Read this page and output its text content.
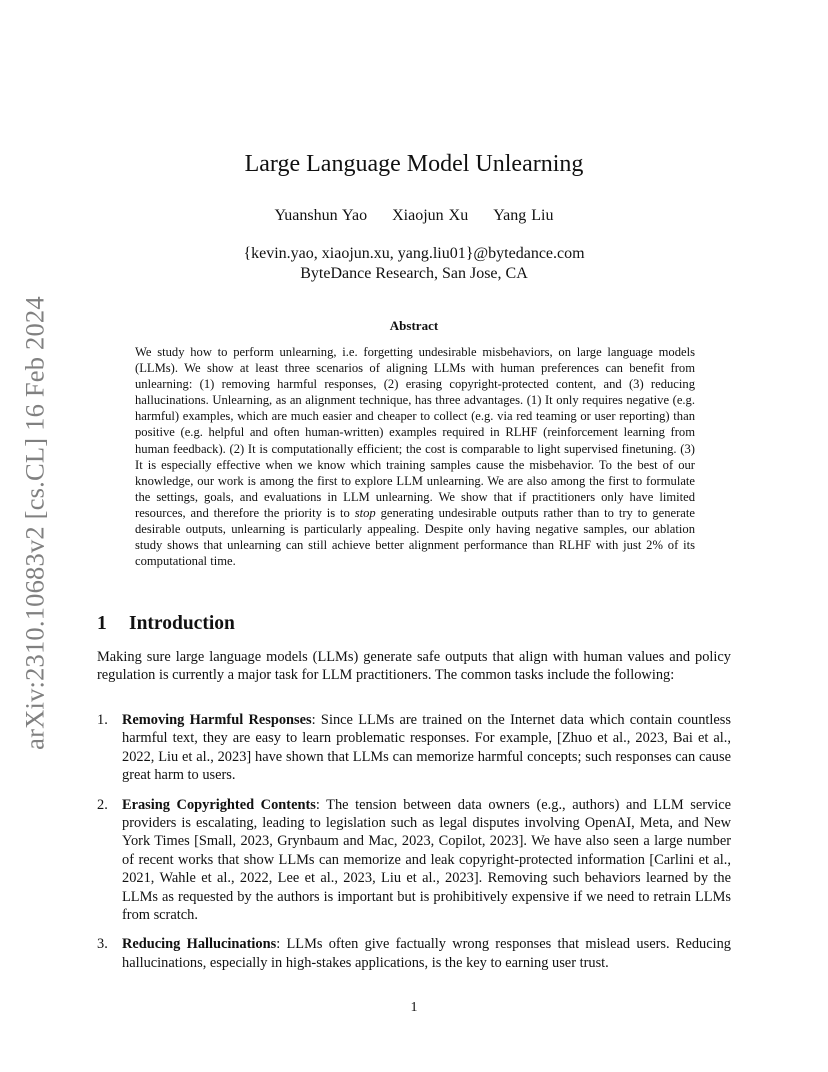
arXiv:2310.10683v2 [cs.CL] 16 Feb 2024
Large Language Model Unlearning
Yuanshun Yao Xiaojun Xu Yang Liu
{kevin.yao, xiaojun.xu, yang.liu01}@bytedance.com
ByteDance Research, San Jose, CA
Abstract
We study how to perform unlearning, i.e. forgetting undesirable misbehaviors, on large language models (LLMs). We show at least three scenarios of aligning LLMs with human preferences can benefit from unlearning: (1) removing harmful responses, (2) erasing copyright-protected content, and (3) reducing hallucinations. Unlearning, as an alignment technique, has three advantages. (1) It only requires negative (e.g. harmful) examples, which are much easier and cheaper to collect (e.g. via red teaming or user reporting) than positive (e.g. helpful and often human-written) examples required in RLHF (reinforcement learning from human feedback). (2) It is computationally efficient; the cost is comparable to light supervised finetuning. (3) It is especially effective when we know which training samples cause the misbehavior. To the best of our knowledge, our work is among the first to explore LLM unlearning. We are also among the first to formulate the settings, goals, and evaluations in LLM unlearning. We show that if practitioners only have limited resources, and therefore the priority is to stop generating undesirable outputs rather than to try to generate desirable outputs, unlearning is particularly appealing. Despite only having negative samples, our ablation study shows that unlearning can still achieve better alignment performance than RLHF with just 2% of its computational time.
1 Introduction

Making sure large language models (LLMs) generate safe outputs that align with human values and policy regulation is currently a major task for LLM practitioners. The common tasks include the following:

1. Removing Harmful Responses: Since LLMs are trained on the Internet data which contain countless harmful text, they are easy to learn problematic responses. For example, [Zhuo et al., 2023, Bai et al., 2022, Liu et al., 2023] have shown that LLMs can memorize harmful concepts; such responses can cause great harm to users.
2. Erasing Copyrighted Contents: The tension between data owners (e.g., authors) and LLM service providers is escalating, leading to legislation such as legal disputes involving OpenAI, Meta, and New York Times [Small, 2023, Grynbaum and Mac, 2023, Copilot, 2023]. We have also seen a large number of recent works that show LLMs can memorize and leak copyright-protected information [Carlini et al., 2021, Wahle et al., 2022, Lee et al., 2023, Liu et al., 2023]. Removing such behaviors learned by the LLMs as requested by the authors is important but is prohibitively expensive if we need to retrain LLMs from scratch.
3. Reducing Hallucinations: LLMs often give factually wrong responses that mislead users. Reducing hallucinations, especially in high-stakes applications, is the key to earning user trust.
1
